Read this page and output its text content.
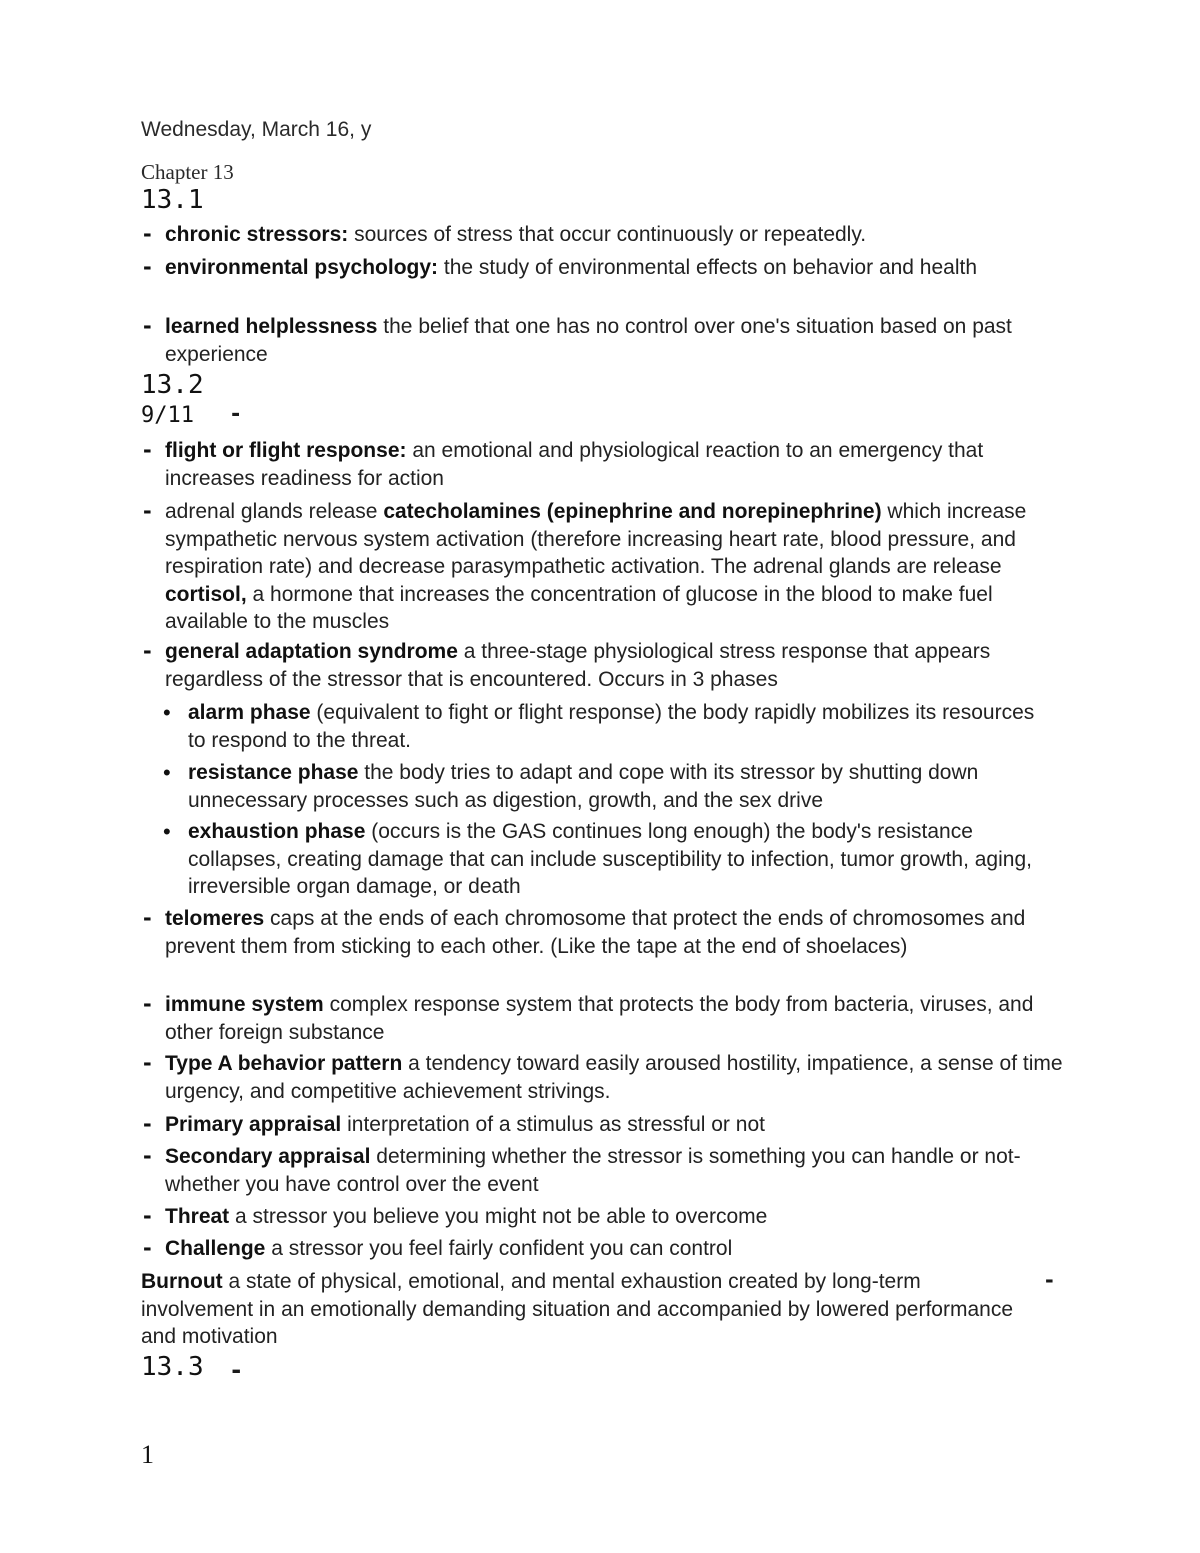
Wednesday, March 16, y
Chapter 13
13.1
- chronic stressors: sources of stress that occur continuously or repeatedly.
- environmental psychology: the study of environmental effects on behavior and health
- learned helplessness the belief that one has no control over one's situation based on past experience
13.2
9/11 -
- flight or flight response: an emotional and physiological reaction to an emergency that increases readiness for action
- adrenal glands release catecholamines (epinephrine and norepinephrine) which increase sympathetic nervous system activation (therefore increasing heart rate, blood pressure, and respiration rate) and decrease parasympathetic activation. The adrenal glands are release cortisol, a hormone that increases the concentration of glucose in the blood to make fuel available to the muscles
- general adaptation syndrome a three-stage physiological stress response that appears regardless of the stressor that is encountered. Occurs in 3 phases
• alarm phase (equivalent to fight or flight response) the body rapidly mobilizes its resources to respond to the threat.
• resistance phase the body tries to adapt and cope with its stressor by shutting down unnecessary processes such as digestion, growth, and the sex drive
• exhaustion phase (occurs is the GAS continues long enough) the body's resistance collapses, creating damage that can include susceptibility to infection, tumor growth, aging, irreversible organ damage, or death
- telomeres caps at the ends of each chromosome that protect the ends of chromosomes and prevent them from sticking to each other. (Like the tape at the end of shoelaces)
- immune system complex response system that protects the body from bacteria, viruses, and other foreign substance
- Type A behavior pattern a tendency toward easily aroused hostility, impatience, a sense of time urgency, and competitive achievement strivings.
- Primary appraisal interpretation of a stimulus as stressful or not
- Secondary appraisal determining whether the stressor is something you can handle or not-whether you have control over the event
- Threat a stressor you believe you might not be able to overcome
- Challenge a stressor you feel fairly confident you can control
Burnout a state of physical, emotional, and mental exhaustion created by long-term involvement in an emotionally demanding situation and accompanied by lowered performance and motivation
-
13.3 -
1
